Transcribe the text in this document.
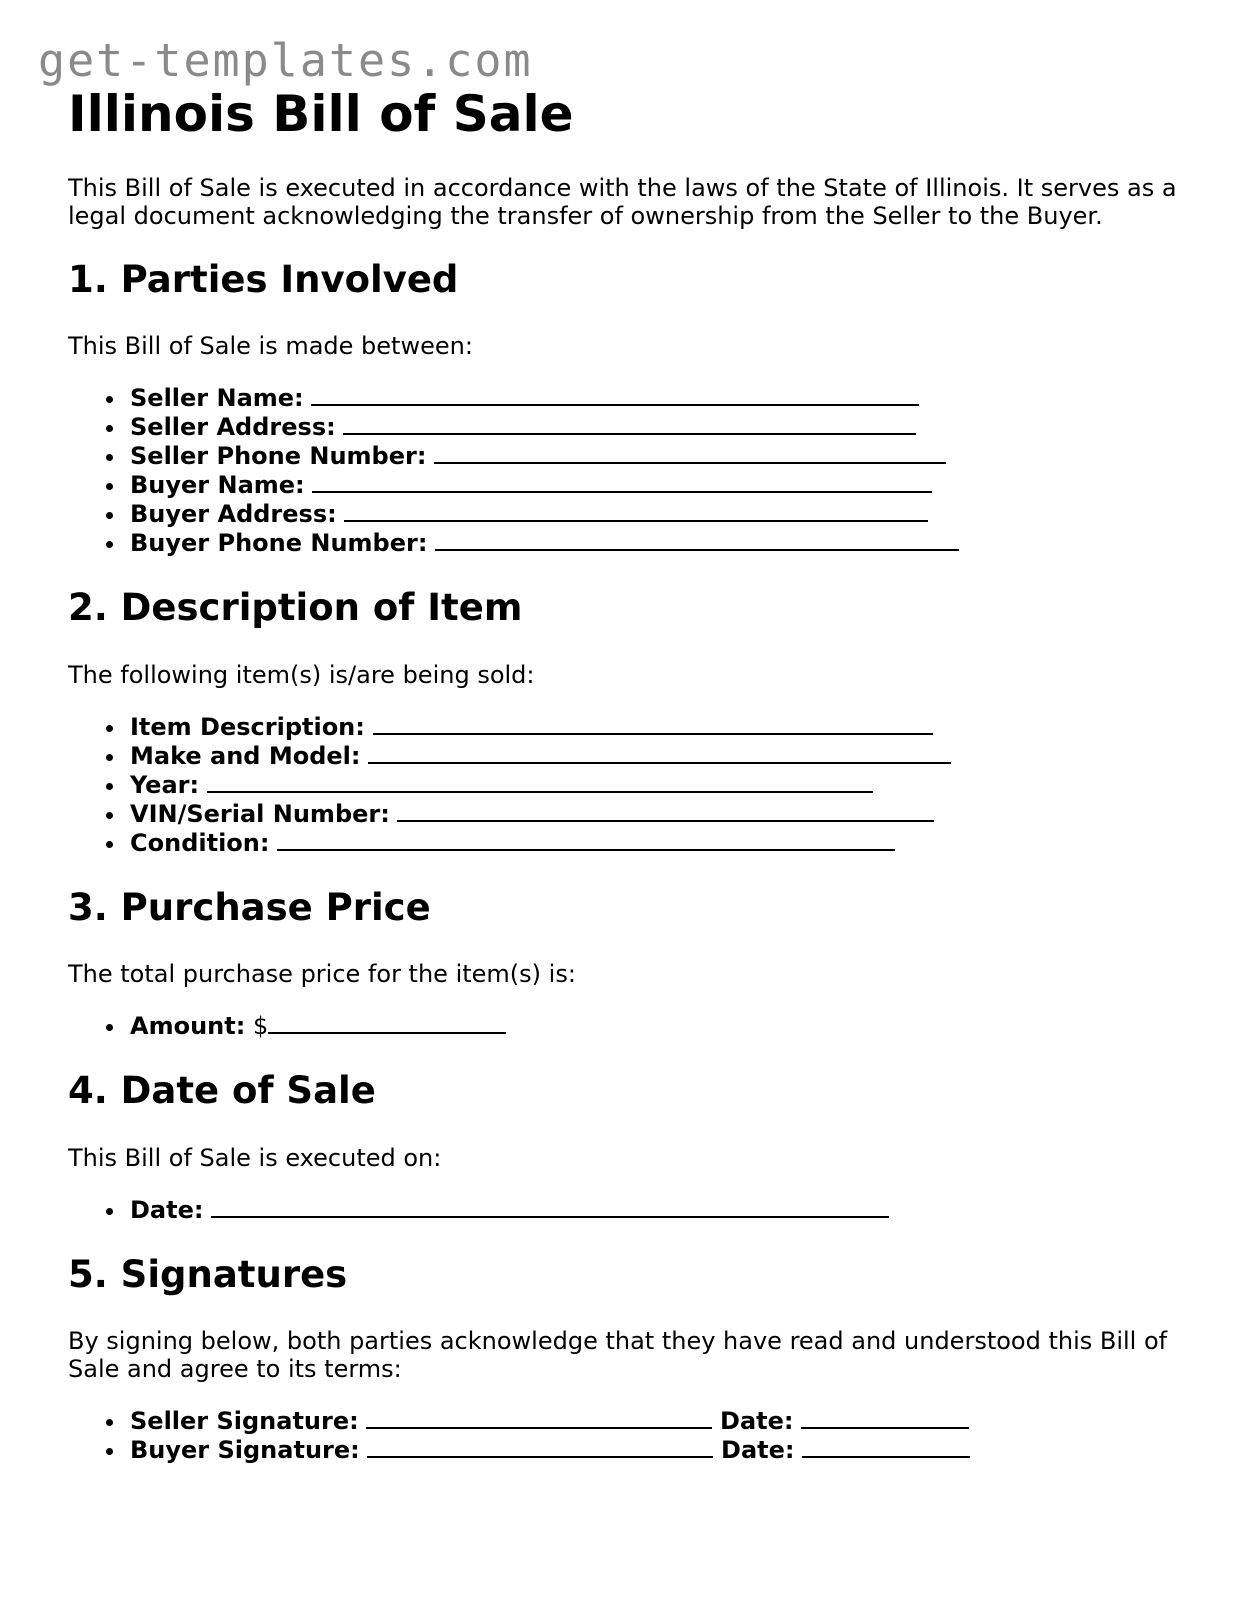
get-templates.com
Illinois Bill of Sale

This Bill of Sale is executed in accordance with the laws of the State of Illinois. It serves as a legal document acknowledging the transfer of ownership from the Seller to the Buyer.

1. Parties Involved

This Bill of Sale is made between:

Seller Name:
Seller Address:
Seller Phone Number:
Buyer Name:
Buyer Address:
Buyer Phone Number:
2. Description of Item

The following item(s) is/are being sold:

Item Description:
Make and Model:
Year:
VIN/Serial Number:
Condition:
3. Purchase Price

The total purchase price for the item(s) is:

Amount: $
4. Date of Sale

This Bill of Sale is executed on:

Date:
5. Signatures

By signing below, both parties acknowledge that they have read and understood this Bill of Sale and agree to its terms:

Seller Signature:	Date:
Buyer Signature:	Date:
